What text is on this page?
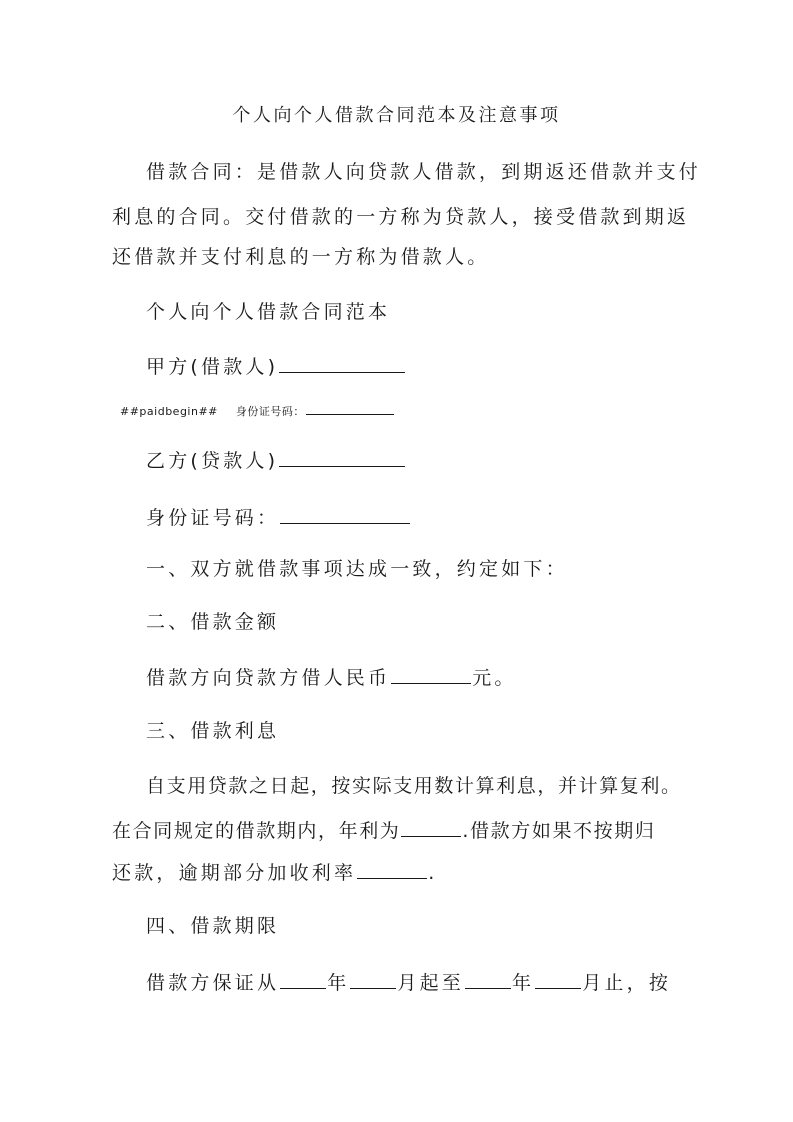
个人向个人借款合同范本及注意事项
借款合同：是借款人向贷款人借款，到期返还借款并支付
利息的合同。交付借款的一方称为贷款人，接受借款到期返
还借款并支付利息的一方称为借款人。
个人向个人借款合同范本
甲方(借款人)
##paidbegin## 身份证号码：
乙方(贷款人)
身份证号码：
一、双方就借款事项达成一致，约定如下：
二、借款金额
借款方向贷款方借人民币	元。
三、借款利息
自支用贷款之日起，按实际支用数计算利息，并计算复利。
在合同规定的借款期内，年利为	.借款方如果不按期归
还款，逾期部分加收利率	.
四、借款期限
借款方保证从	年	月起至	年	月止，按
